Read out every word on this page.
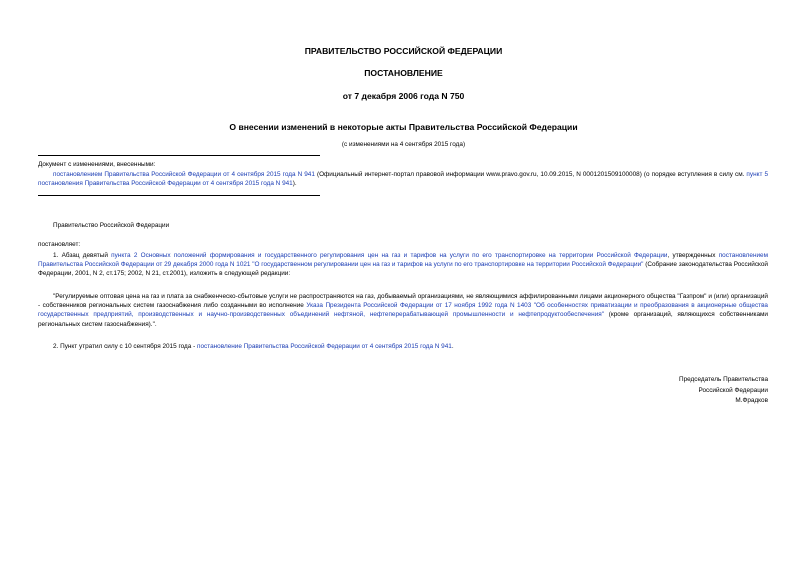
ПРАВИТЕЛЬСТВО РОССИЙСКОЙ ФЕДЕРАЦИИ
ПОСТАНОВЛЕНИЕ
от 7 декабря 2006 года N 750
О внесении изменений в некоторые акты Правительства Российской Федерации
(с изменениями на 4 сентября 2015 года)
Документ с изменениями, внесенными:
постановлением Правительства Российской Федерации от 4 сентября 2015 года N 941 (Официальный интернет-портал правовой информации www.pravo.gov.ru, 10.09.2015, N 0001201509100008) (о порядке вступления в силу см. пункт 5 постановления Правительства Российской Федерации от 4 сентября 2015 года N 941).
Правительство Российской Федерации
постановляет:
1. Абзац девятый пункта 2 Основных положений формирования и государственного регулирования цен на газ и тарифов на услуги по его транспортировке на территории Российской Федерации, утвержденных постановлением Правительства Российской Федерации от 29 декабря 2000 года N 1021 "О государственном регулировании цен на газ и тарифов на услуги по его транспортировке на территории Российской Федерации" (Собрание законодательства Российской Федерации, 2001, N 2, ст.175; 2002, N 21, ст.2001), изложить в следующей редакции:
"Регулируемые оптовая цена на газ и плата за снабженческо-сбытовые услуги не распространяются на газ, добываемый организациями, не являющимися аффилированными лицами акционерного общества "Газпром" и (или) организаций - собственников региональных систем газоснабжения либо созданными во исполнение Указа Президента Российской Федерации от 17 ноября 1992 года N 1403 "Об особенностях приватизации и преобразования в акционерные общества государственных предприятий, производственных и научно-производственных объединений нефтяной, нефтеперерабатывающей промышленности и нефтепродуктообеспечения" (кроме организаций, являющихся собственниками региональных систем газоснабжения).".
2. Пункт утратил силу с 10 сентября 2015 года - постановление Правительства Российской Федерации от 4 сентября 2015 года N 941.
Председатель Правительства
Российской Федерации
М.Фрадков
